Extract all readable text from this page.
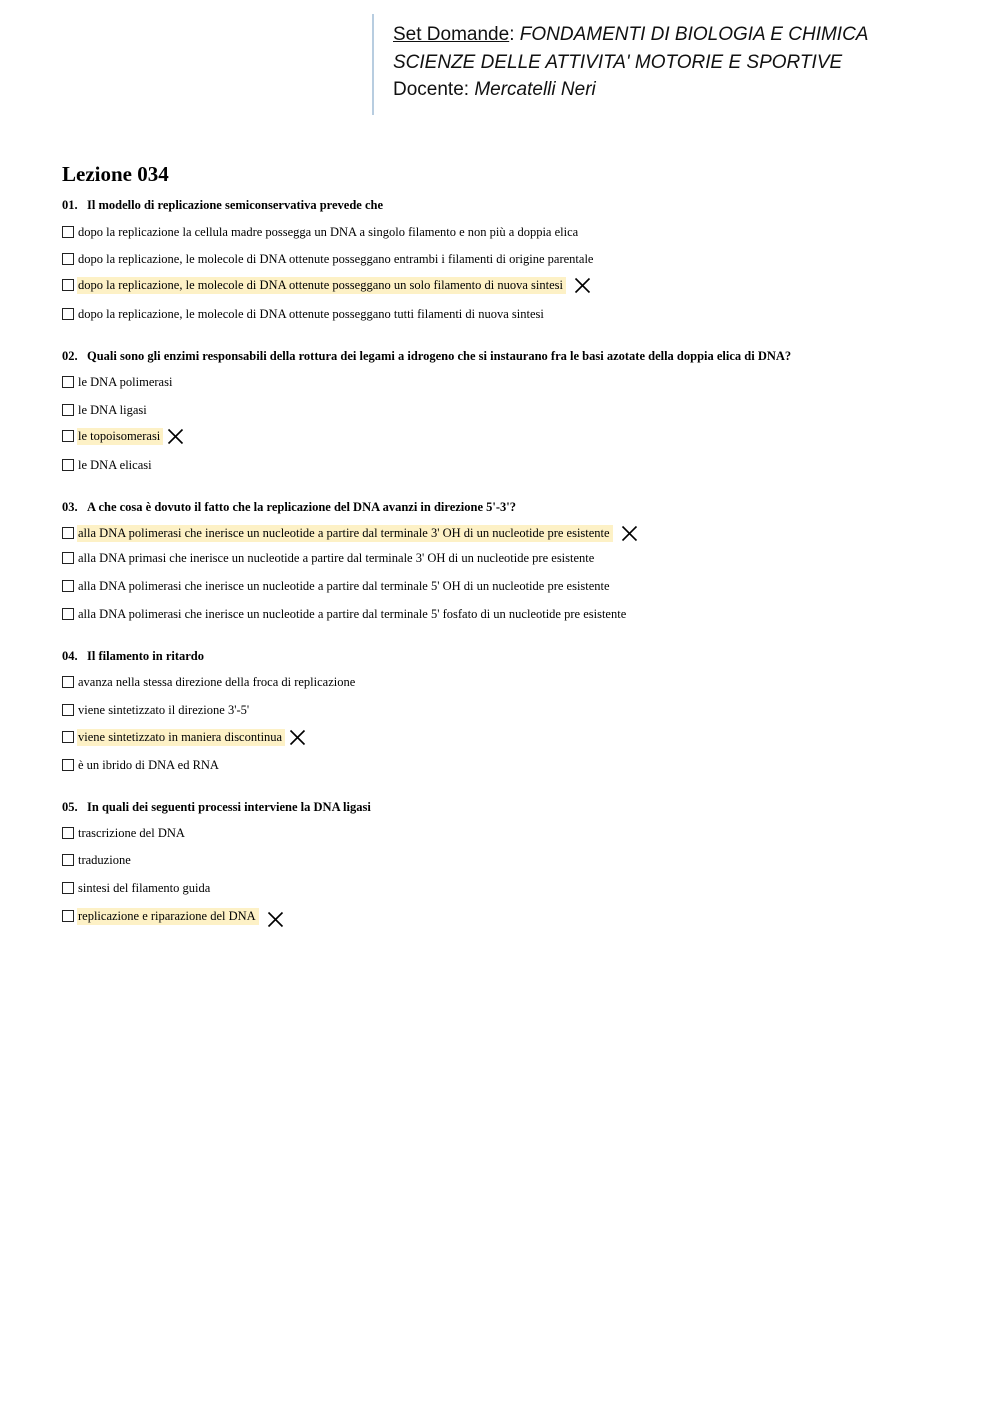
Set Domande: FONDAMENTI DI BIOLOGIA E CHIMICA
SCIENZE DELLE ATTIVITA' MOTORIE E SPORTIVE
Docente: Mercatelli Neri
Lezione 034
01. Il modello di replicazione semiconservativa prevede che
dopo la replicazione la cellula madre possegga un DNA a singolo filamento e non più a doppia elica
dopo la replicazione, le molecole di DNA ottenute posseggano entrambi i filamenti di origine parentale
dopo la replicazione, le molecole di DNA ottenute posseggano un solo filamento di nuova sintesi
dopo la replicazione, le molecole di DNA ottenute posseggano tutti filamenti di nuova sintesi
02. Quali sono gli enzimi responsabili della rottura dei legami a idrogeno che si instaurano fra le basi azotate della doppia elica di DNA?
le DNA polimerasi
le DNA ligasi
le topoisomerasi
le DNA elicasi
03. A che cosa è dovuto il fatto che la replicazione del DNA avanzi in direzione 5'-3'?
alla DNA polimerasi che inerisce un nucleotide a partire dal terminale 3' OH di un nucleotide pre esistente
alla DNA primasi che inerisce un nucleotide a partire dal terminale 3' OH di un nucleotide pre esistente
alla DNA polimerasi che inerisce un nucleotide a partire dal terminale 5' OH di un nucleotide pre esistente
alla DNA polimerasi che inerisce un nucleotide a partire dal terminale 5' fosfato di un nucleotide pre esistente
04. Il filamento in ritardo
avanza nella stessa direzione della froca di replicazione
viene sintetizzato il direzione 3'-5'
viene sintetizzato in maniera discontinua
è un ibrido di DNA ed RNA
05. In quali dei seguenti processi interviene la DNA ligasi
trascrizione del DNA
traduzione
sintesi del filamento guida
replicazione e riparazione del DNA
